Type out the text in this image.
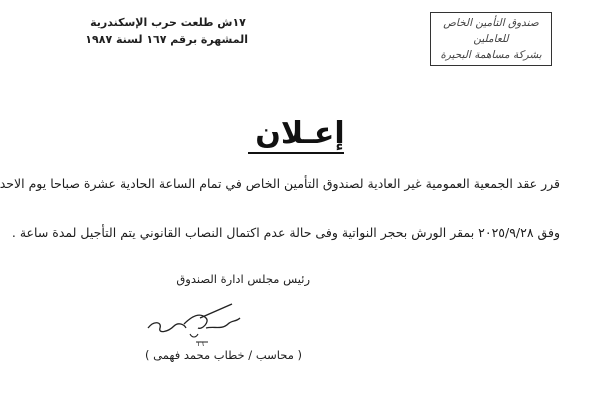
صندوق التأمين الخاص
للعاملين
بشركة مساهمة البحيرة
١٧ش طلعت حرب الإسكندرية
المشهرة برقم ١٦٧ لسنة ١٩٨٧
إعـلان
قرر عقد الجمعية العمومية غير العادية لصندوق التأمين الخاص في تمام الساعة الحادية عشرة صباحا يوم الاحد
وفق ٢٠٢٥/٩/٢٨ بمقر الورش بحجر النواتية وفى حالة عدم اكتمال النصاب القانوني يتم التأجيل لمدة ساعة .
رئيس مجلس ادارة الصندوق
١٦
( محاسب / خطاب محمد فهمى )
